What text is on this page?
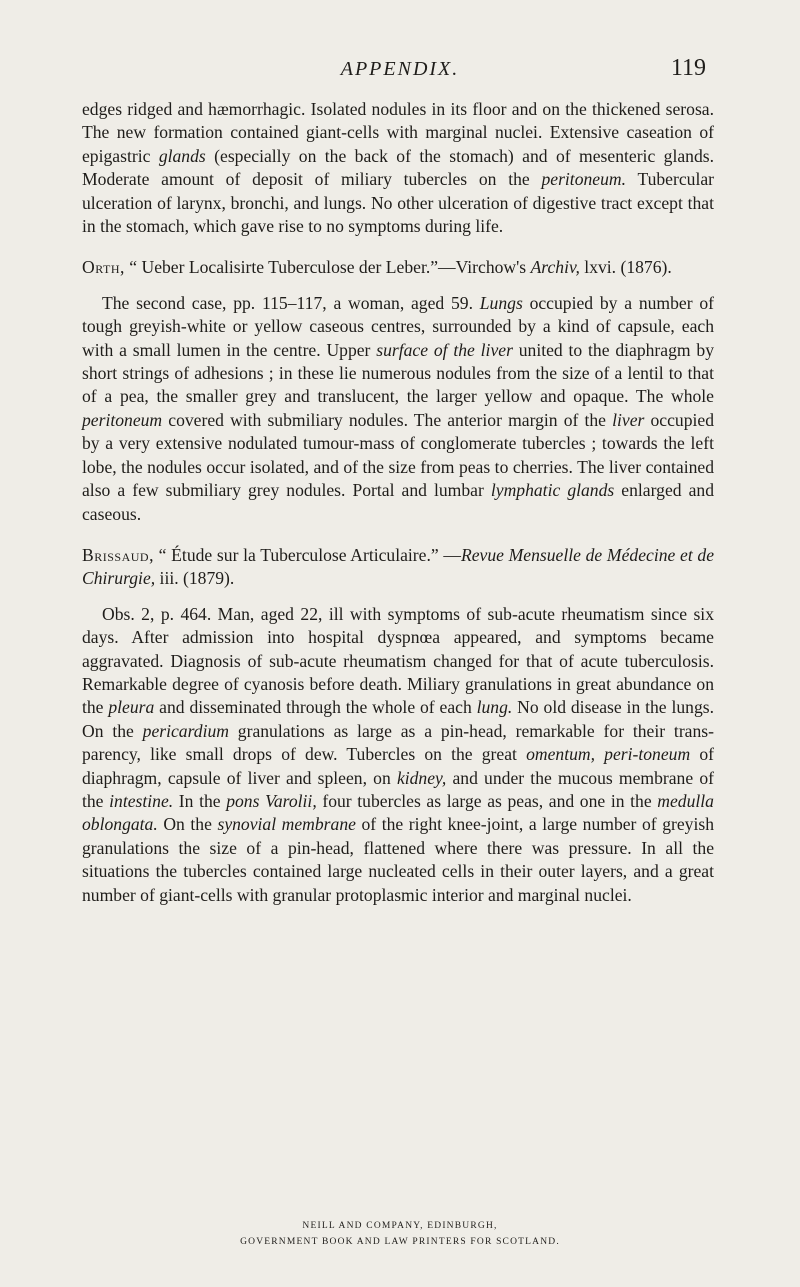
APPENDIX.	119

edges ridged and hæmorrhagic. Isolated nodules in its floor and on the thickened serosa. The new formation contained giant-cells with marginal nuclei. Extensive caseation of epigastric glands (especially on the back of the stomach) and of mesenteric glands. Moderate amount of deposit of miliary tubercles on the peritoneum. Tubercular ulceration of larynx, bronchi, and lungs. No other ulceration of digestive tract except that in the stomach, which gave rise to no symptoms during life.

Orth, “ Ueber Localisirte Tuberculose der Leber.”—Virchow's Archiv, lxvi. (1876).

The second case, pp. 115–117, a woman, aged 59. Lungs occupied by a number of tough greyish-white or yellow caseous centres, surrounded by a kind of capsule, each with a small lumen in the centre. Upper surface of the liver united to the diaphragm by short strings of adhesions ; in these lie numerous nodules from the size of a lentil to that of a pea, the smaller grey and translucent, the larger yellow and opaque. The whole peritoneum covered with submiliary nodules. The anterior margin of the liver occupied by a very extensive nodulated tumour-mass of conglomerate tubercles ; towards the left lobe, the nodules occur isolated, and of the size from peas to cherries. The liver contained also a few submiliary grey nodules. Portal and lumbar lymphatic glands enlarged and caseous.

Brissaud, “ Étude sur la Tuberculose Articulaire.” —Revue Mensuelle de Médecine et de Chirurgie, iii. (1879).

Obs. 2, p. 464. Man, aged 22, ill with symptoms of sub-acute rheumatism since six days. After admission into hospital dyspnœa appeared, and symptoms became aggravated. Diagnosis of sub-acute rheumatism changed for that of acute tuberculosis. Remarkable degree of cyanosis before death. Miliary granulations in great abundance on the pleura and disseminated through the whole of each lung. No old disease in the lungs. On the pericardium granulations as large as a pin-head, remarkable for their trans-parency, like small drops of dew. Tubercles on the great omentum, peri-toneum of diaphragm, capsule of liver and spleen, on kidney, and under the mucous membrane of the intestine. In the pons Varolii, four tubercles as large as peas, and one in the medulla oblongata. On the synovial membrane of the right knee-joint, a large number of greyish granulations the size of a pin-head, flattened where there was pressure. In all the situations the tubercles contained large nucleated cells in their outer layers, and a great number of giant-cells with granular protoplasmic interior and marginal nuclei.

NEILL AND COMPANY, EDINBURGH,
GOVERNMENT BOOK AND LAW PRINTERS FOR SCOTLAND.
